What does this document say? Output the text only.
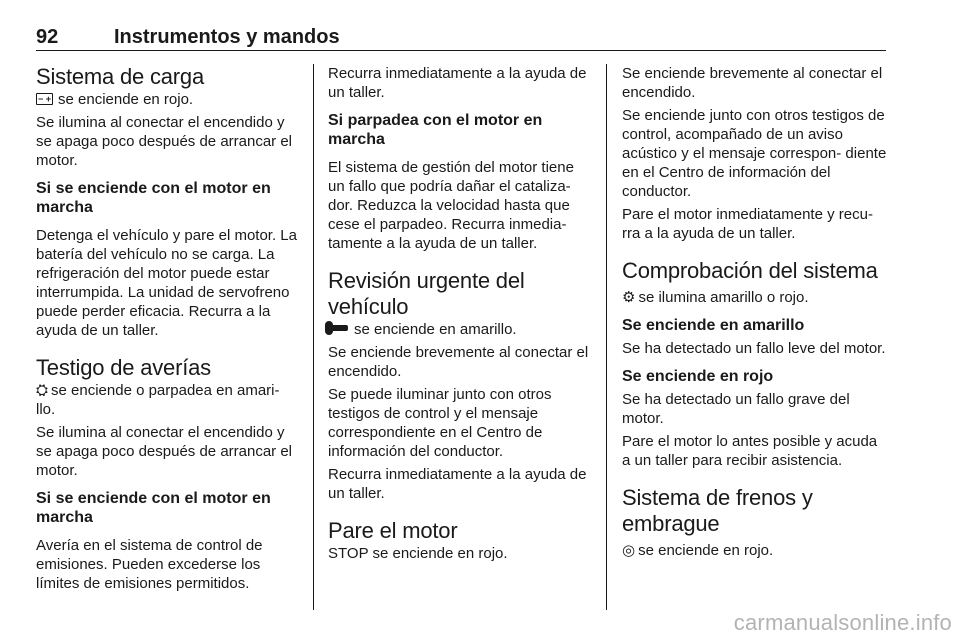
92	Instrumentos y mandos
Sistema de carga

− +se enciende en rojo.

Se ilumina al conectar el encendido y se apaga poco después de arrancar el motor.

Si se enciende con el motor en marcha

Detenga el vehículo y pare el motor. La batería del vehículo no se carga. La refrigeración del motor puede estar interrumpida. La unidad de servofreno puede perder eficacia. Recurra a la ayuda de un taller.

Testigo de averías

⛭ se enciende o parpadea en amari- llo.

Se ilumina al conectar el encendido y se apaga poco después de arrancar el motor.

Si se enciende con el motor en marcha

Avería en el sistema de control de emisiones. Pueden excederse los límites de emisiones permitidos.

Recurra inmediatamente a la ayuda de un taller.

Si parpadea con el motor en marcha

El sistema de gestión del motor tiene un fallo que podría dañar el cataliza- dor. Reduzca la velocidad hasta que cese el parpadeo. Recurra inmedia- tamente a la ayuda de un taller.

Revisión urgente del vehículo

se enciende en amarillo.

Se enciende brevemente al conectar el encendido.

Se puede iluminar junto con otros testigos de control y el mensaje correspondiente en el Centro de información del conductor.

Recurra inmediatamente a la ayuda de un taller.

Pare el motor

STOP se enciende en rojo.

Se enciende brevemente al conectar el encendido.

Se enciende junto con otros testigos de control, acompañado de un aviso acústico y el mensaje correspon- diente en el Centro de información del conductor.

Pare el motor inmediatamente y recu- rra a la ayuda de un taller.

Comprobación del sistema

⚙ se ilumina amarillo o rojo.

Se enciende en amarillo

Se ha detectado un fallo leve del motor.

Se enciende en rojo

Se ha detectado un fallo grave del motor.

Pare el motor lo antes posible y acuda a un taller para recibir asistencia.

Sistema de frenos y embrague

◎ se enciende en rojo.

carmanualsonline.info
